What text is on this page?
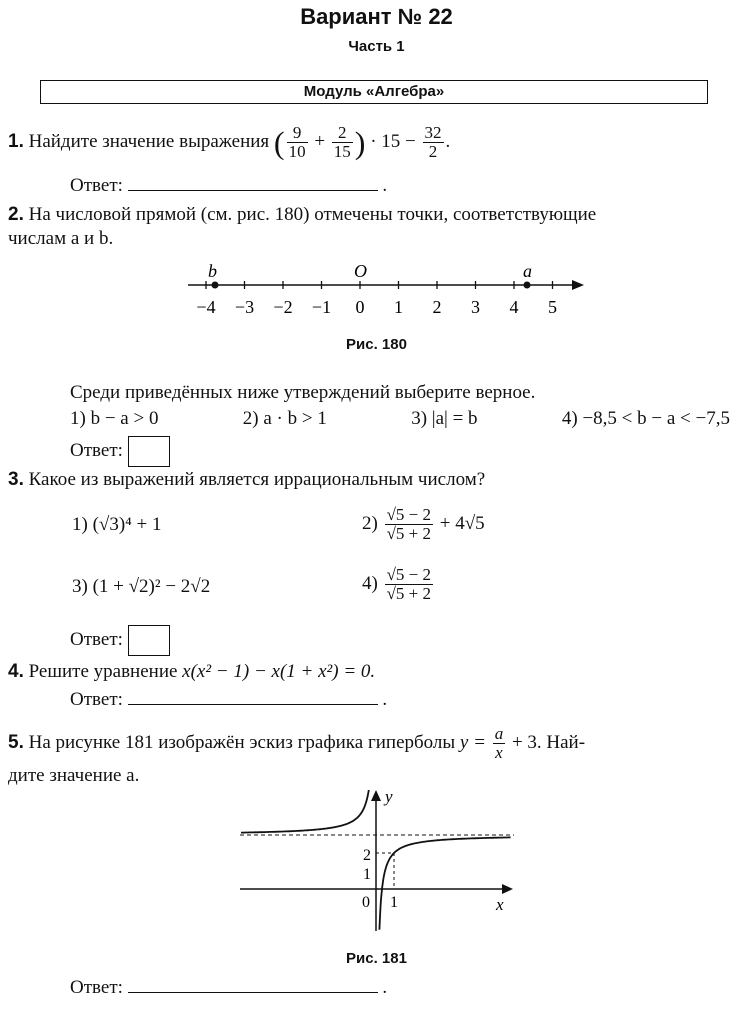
Вариант № 22
Часть 1
Модуль «Алгебра»
1. Найдите значение выражения ( $\frac{9}{10} + \frac{2}{15}$ ) · $15 - \frac{32}{2}$ .
Ответ:	.
2. На числовой прямой (см. рис. 180) отмечены точки, соответствующие
числам a и b.
−4 −3 −2 −1 0 1 2 3 4 5
b	O	a
Рис. 180
Среди приведённых ниже утверждений выберите верное.
1) b − a > 0	2) a · b > 1	3) |a| = b	4) −8,5 < b − a < −7,5
Ответ:
3. Какое из выражений является иррациональным числом?
1) (√3)⁴ + 1	$2) \frac{√5 - 2}{√5 + 2} + 4√5$
3) (1 + √2)² − 2√2	$4) \frac{√5 - 2}{√5 + 2}$
Ответ:
4. Решите уравнение x(x² − 1) − x(1 + x²) = 0.
Ответ:	.
5. На рисунке 181 изображён эскиз графика гиперболы $y = \frac{a}{x} + 3$. Най-
дите значение a.
y
x
0 1
1
2
Рис. 181
Ответ:	.
